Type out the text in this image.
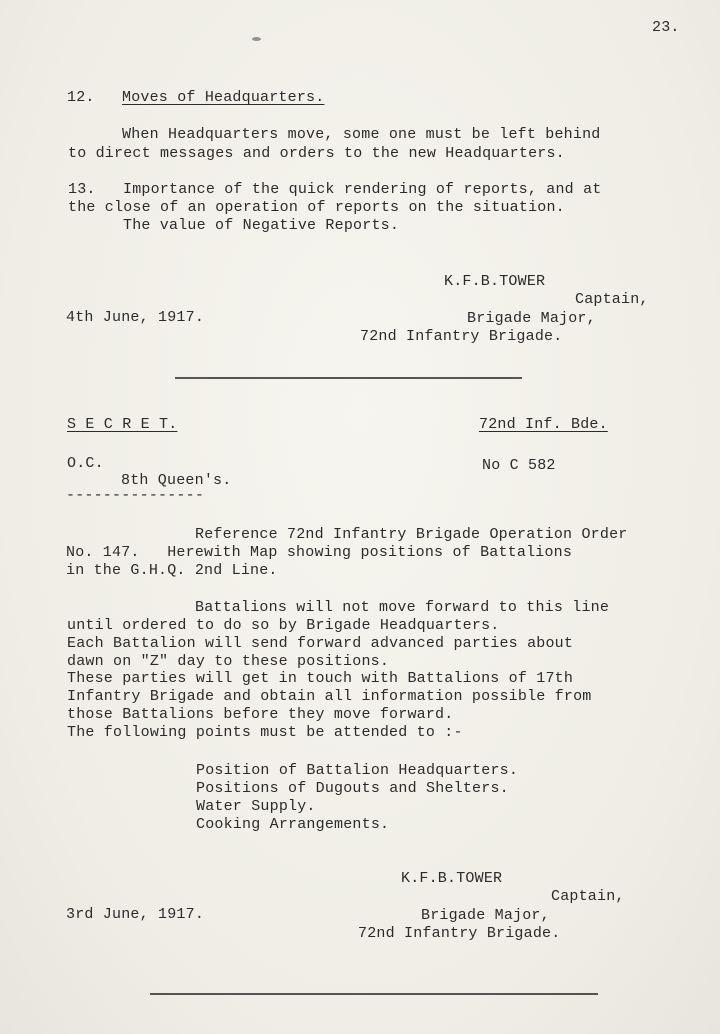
23.
12. Moves of Headquarters.
When Headquarters move, some one must be left behind
to direct messages and orders to the new Headquarters.
13. Importance of the quick rendering of reports, and at
the close of an operation of reports on the situation.
The value of Negative Reports.
K.F.B.TOWER
Captain,
4th June, 1917.	Brigade Major,
72nd Infantry Brigade.
S E C R E T.	72nd Inf. Bde.
O.C.	No C 582
8th Queen's.
---------------
Reference 72nd Infantry Brigade Operation Order
No. 147.   Herewith Map showing positions of Battalions
in the G.H.Q. 2nd Line.
Battalions will not move forward to this line
until ordered to do so by Brigade Headquarters.
Each Battalion will send forward advanced parties about
dawn on "Z" day to these positions.
These parties will get in touch with Battalions of 17th
Infantry Brigade and obtain all information possible from
those Battalions before they move forward.
The following points must be attended to :-
Position of Battalion Headquarters.
Positions of Dugouts and Shelters.
Water Supply.
Cooking Arrangements.
K.F.B.TOWER
Captain,
3rd June, 1917.	Brigade Major,
72nd Infantry Brigade.
